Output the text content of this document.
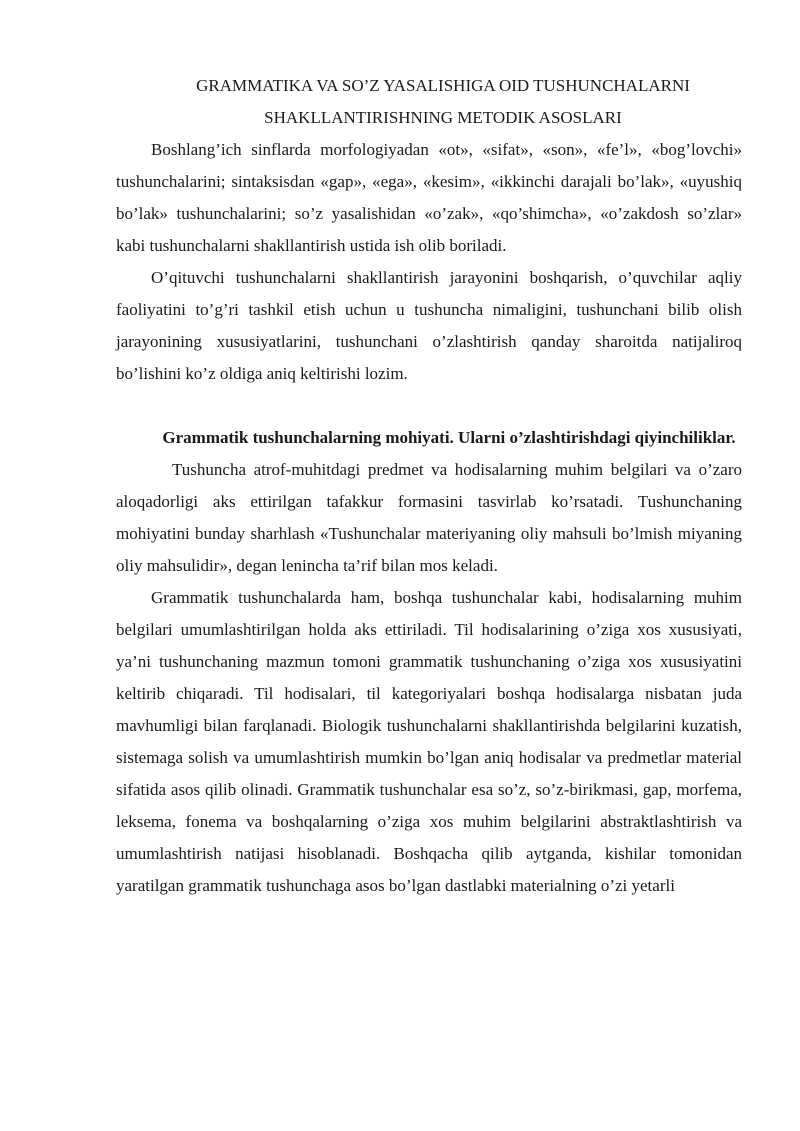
GRAMMATIKA VA SO’Z YASALISHIGA OID TUSHUNCHALARNI SHAKLLANTIRISHNING METODIK ASOSLARI

Boshlang’ich sinflarda morfologiyadan «ot», «sifat», «son», «fe’l», «bog’lovchi» tushunchalarini; sintaksisdan «gap», «ega», «kesim», «ikkinchi darajali bo’lak», «uyushiq bo’lak» tushunchalarini; so’z yasalishidan «o’zak», «qo’shimcha», «o’zakdosh so’zlar» kabi tushunchalarni shakllantirish ustida ish olib boriladi.

O’qituvchi tushunchalarni shakllantirish jarayonini boshqarish, o’quvchilar aqliy faoliyatini to’g’ri tashkil etish uchun u tushuncha nimaligini, tushunchani bilib olish jarayonining xususiyatlarini, tushunchani o’zlashtirish qanday sharoitda natijaliroq bo’lishini ko’z oldiga aniq keltirishi lozim.

Grammatik tushunchalarning mohiyati. Ularni o’zlashtirishdagi qiyinchiliklar.

Tushuncha atrof-muhitdagi predmet va hodisalarning muhim belgilari va o’zaro aloqadorligi aks ettirilgan tafakkur formasini tasvirlab ko’rsatadi. Tushunchaning mohiyatini bunday sharhlash «Tushunchalar materiyaning oliy mahsuli bo’lmish miyaning oliy mahsulidir», degan lenincha ta’rif bilan mos keladi.

Grammatik tushunchalarda ham, boshqa tushunchalar kabi, hodisalarning muhim belgilari umumlashtirilgan holda aks ettiriladi. Til hodisalarining o’ziga xos xususiyati, ya’ni tushunchaning mazmun tomoni grammatik tushunchaning o’ziga xos xususiyatini keltirib chiqaradi. Til hodisalari, til kategoriyalari boshqa hodisalarga nisbatan juda mavhumligi bilan farqlanadi. Biologik tushunchalarni shakllantirishda belgilarini kuzatish, sistemaga solish va umumlashtirish mumkin bo’lgan aniq hodisalar va predmetlar material sifatida asos qilib olinadi. Grammatik tushunchalar esa so’z, so’z-birikmasi, gap, morfema, leksema, fonema va boshqalarning o’ziga xos muhim belgilarini abstraktlashtirish va umumlashtirish natijasi hisoblanadi. Boshqacha qilib aytganda, kishilar tomonidan yaratilgan grammatik tushunchaga asos bo’lgan dastlabki materialning o’zi yetarli
